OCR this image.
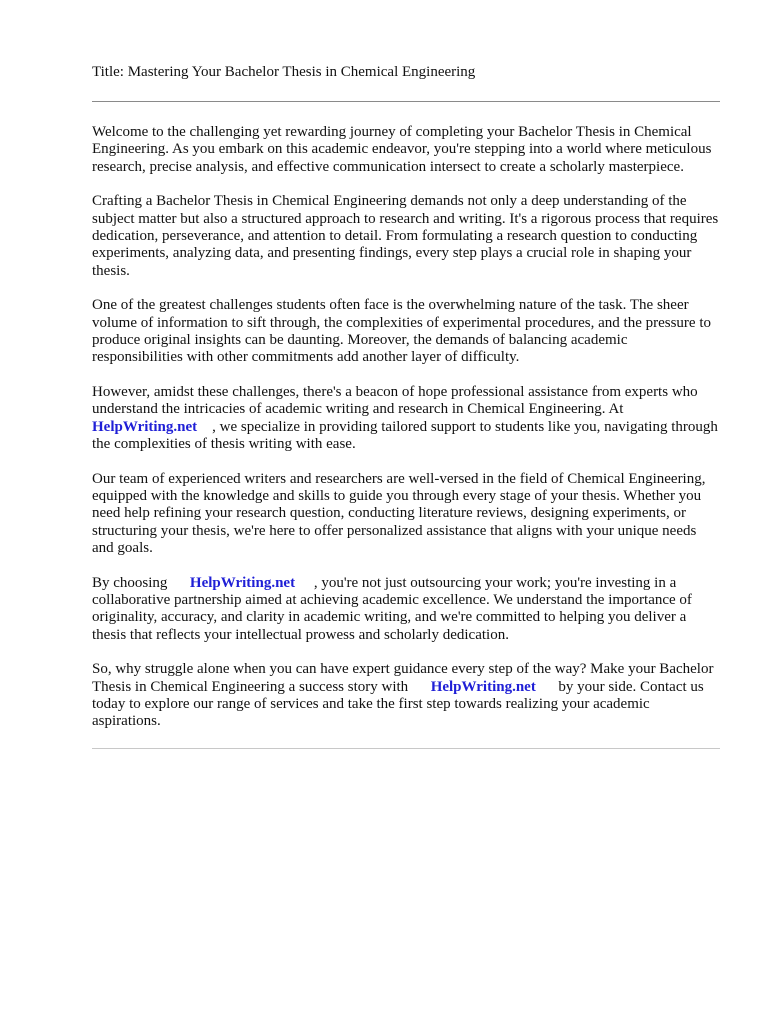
Title: Mastering Your Bachelor Thesis in Chemical Engineering

Welcome to the challenging yet rewarding journey of completing your Bachelor Thesis in Chemical Engineering. As you embark on this academic endeavor, you're stepping into a world where meticulous research, precise analysis, and effective communication intersect to create a scholarly masterpiece.

Crafting a Bachelor Thesis in Chemical Engineering demands not only a deep understanding of the subject matter but also a structured approach to research and writing. It's a rigorous process that requires dedication, perseverance, and attention to detail. From formulating a research question to conducting experiments, analyzing data, and presenting findings, every step plays a crucial role in shaping your thesis.

One of the greatest challenges students often face is the overwhelming nature of the task. The sheer volume of information to sift through, the complexities of experimental procedures, and the pressure to produce original insights can be daunting. Moreover, the demands of balancing academic responsibilities with other commitments add another layer of difficulty.

However, amidst these challenges, there's a beacon of hope professional assistance from experts who understand the intricacies of academic writing and research in Chemical Engineering. At
HelpWriting.net    , we specialize in providing tailored support to students like you, navigating through the complexities of thesis writing with ease.

Our team of experienced writers and researchers are well-versed in the field of Chemical Engineering, equipped with the knowledge and skills to guide you through every stage of your thesis. Whether you need help refining your research question, conducting literature reviews, designing experiments, or structuring your thesis, we're here to offer personalized assistance that aligns with your unique needs and goals.

By choosing      HelpWriting.net     , you're not just outsourcing your work; you're investing in a collaborative partnership aimed at achieving academic excellence. We understand the importance of originality, accuracy, and clarity in academic writing, and we're committed to helping you deliver a thesis that reflects your intellectual prowess and scholarly dedication.

So, why struggle alone when you can have expert guidance every step of the way? Make your Bachelor Thesis in Chemical Engineering a success story with      HelpWriting.net      by your side. Contact us today to explore our range of services and take the first step towards realizing your academic aspirations.
